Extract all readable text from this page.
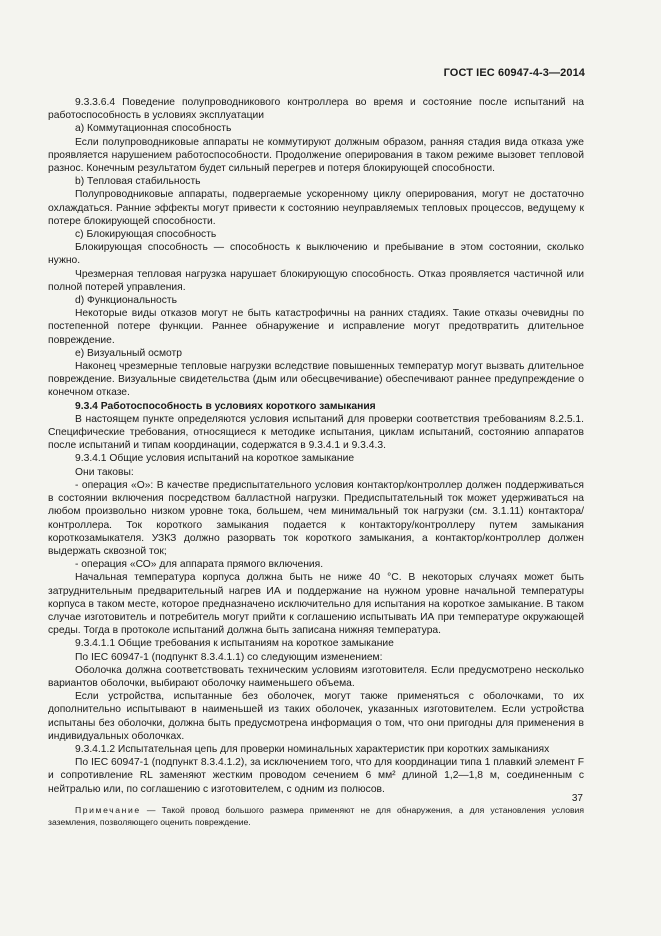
ГОСТ IEC 60947-4-3—2014

9.3.3.6.4 Поведение полупроводникового контроллера во время и состояние после испытаний на работоспособность в условиях эксплуатации

а) Коммутационная способность

Если полупроводниковые аппараты не коммутируют должным образом, ранняя стадия вида отказа уже проявляется нарушением работоспособности. Продолжение оперирования в таком режиме вызовет тепловой разнос. Конечным результатом будет сильный перегрев и потеря блокирующей способности.

b) Тепловая стабильность

Полупроводниковые аппараты, подвергаемые ускоренному циклу оперирования, могут не достаточно охлаждаться. Ранние эффекты могут привести к состоянию неуправляемых тепловых процессов, ведущему к потере блокирующей способности.

c) Блокирующая способность

Блокирующая способность — способность к выключению и пребывание в этом состоянии, сколько нужно.

Чрезмерная тепловая нагрузка нарушает блокирующую способность. Отказ проявляется частичной или полной потерей управления.

d) Функциональность

Некоторые виды отказов могут не быть катастрофичны на ранних стадиях. Такие отказы очевидны по постепенной потере функции. Раннее обнаружение и исправление могут предотвратить длительное повреждение.

e) Визуальный осмотр

Наконец чрезмерные тепловые нагрузки вследствие повышенных температур могут вызвать длительное повреждение. Визуальные свидетельства (дым или обесцвечивание) обеспечивают раннее предупреждение о конечном отказе.

9.3.4 Работоспособность в условиях короткого замыкания

В настоящем пункте определяются условия испытаний для проверки соответствия требованиям 8.2.5.1. Специфические требования, относящиеся к методике испытания, циклам испытаний, состоянию аппаратов после испытаний и типам координации, содержатся в 9.3.4.1 и 9.3.4.3.

9.3.4.1 Общие условия испытаний на короткое замыкание

Они таковы:

- операция «О»: В качестве предиспытательного условия контактор/контроллер должен поддерживаться в состоянии включения посредством балластной нагрузки. Предиспытательный ток может удерживаться на любом произвольно низком уровне тока, большем, чем минимальный ток нагрузки (см. 3.1.11) контактора/контроллера. Ток короткого замыкания подается к контактору/контроллеру путем замыкания короткозамыкателя. УЗКЗ должно разорвать ток короткого замыкания, а контактор/контроллер должен выдержать сквозной ток;

- операция «СО» для аппарата прямого включения.

Начальная температура корпуса должна быть не ниже 40 °С. В некоторых случаях может быть затруднительным предварительный нагрев ИА и поддержание на нужном уровне начальной температуры корпуса в таком месте, которое предназначено исключительно для испытания на короткое замыкание. В таком случае изготовитель и потребитель могут прийти к соглашению испытывать ИА при температуре окружающей среды. Тогда в протоколе испытаний должна быть записана нижняя температура.

9.3.4.1.1 Общие требования к испытаниям на короткое замыкание

По IEC 60947-1 (подпункт 8.3.4.1.1) со следующим изменением:

Оболочка должна соответствовать техническим условиям изготовителя. Если предусмотрено несколько вариантов оболочки, выбирают оболочку наименьшего объема.

Если устройства, испытанные без оболочек, могут также применяться с оболочками, то их дополнительно испытывают в наименьшей из таких оболочек, указанных изготовителем. Если устройства испытаны без оболочки, должна быть предусмотрена информация о том, что они пригодны для применения в индивидуальных оболочках.

9.3.4.1.2 Испытательная цепь для проверки номинальных характеристик при коротких замыканиях

По IEC 60947-1 (подпункт 8.3.4.1.2), за исключением того, что для координации типа 1 плавкий элемент F и сопротивление RL заменяют жестким проводом сечением 6 мм² длиной 1,2—1,8 м, соединенным с нейтралью или, по соглашению с изготовителем, с одним из полюсов.

Примечание — Такой провод большого размера применяют не для обнаружения, а для установления условия заземления, позволяющего оценить повреждение.

37
